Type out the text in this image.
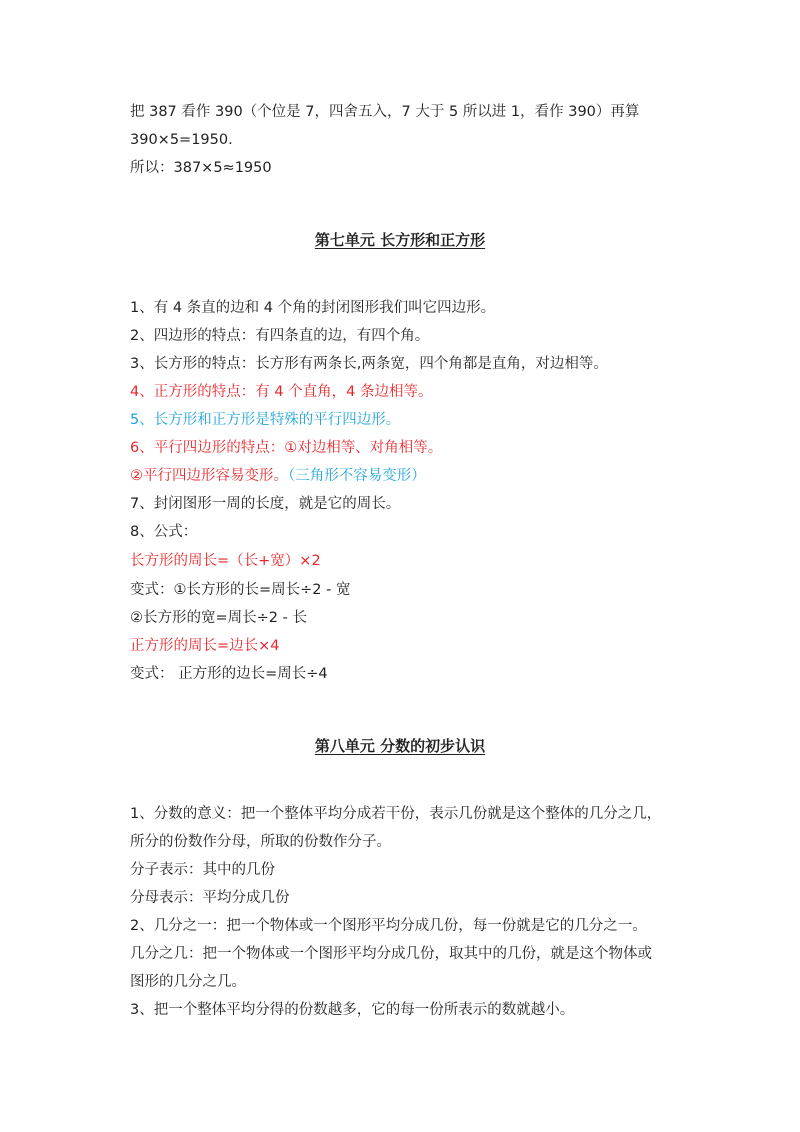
把 387 看作 390（个位是 7，四舍五入，7 大于 5 所以进 1，看作 390）再算

390×5=1950.

所以：387×5≈1950

第七单元 长方形和正方形

1、有 4 条直的边和 4 个角的封闭图形我们叫它四边形。

2、四边形的特点：有四条直的边，有四个角。

3、长方形的特点：长方形有两条长,两条宽，四个角都是直角，对边相等。

4、正方形的特点：有 4 个直角，4 条边相等。

5、长方形和正方形是特殊的平行四边形。

6、平行四边形的特点：①对边相等、对角相等。

②平行四边形容易变形。（三角形不容易变形）

7、封闭图形一周的长度，就是它的周长。

8、公式：

长方形的周长=（长+宽）×2

变式：①长方形的长=周长÷2 - 宽

②长方形的宽=周长÷2 - 长

正方形的周长=边长×4

变式： 正方形的边长=周长÷4

第八单元 分数的初步认识

1、分数的意义：把一个整体平均分成若干份，表示几份就是这个整体的几分之几，

所分的份数作分母，所取的份数作分子。

分子表示：其中的几份

分母表示：平均分成几份

2、几分之一：把一个物体或一个图形平均分成几份，每一份就是它的几分之一。

几分之几：把一个物体或一个图形平均分成几份，取其中的几份，就是这个物体或

图形的几分之几。

3、把一个整体平均分得的份数越多，它的每一份所表示的数就越小。
